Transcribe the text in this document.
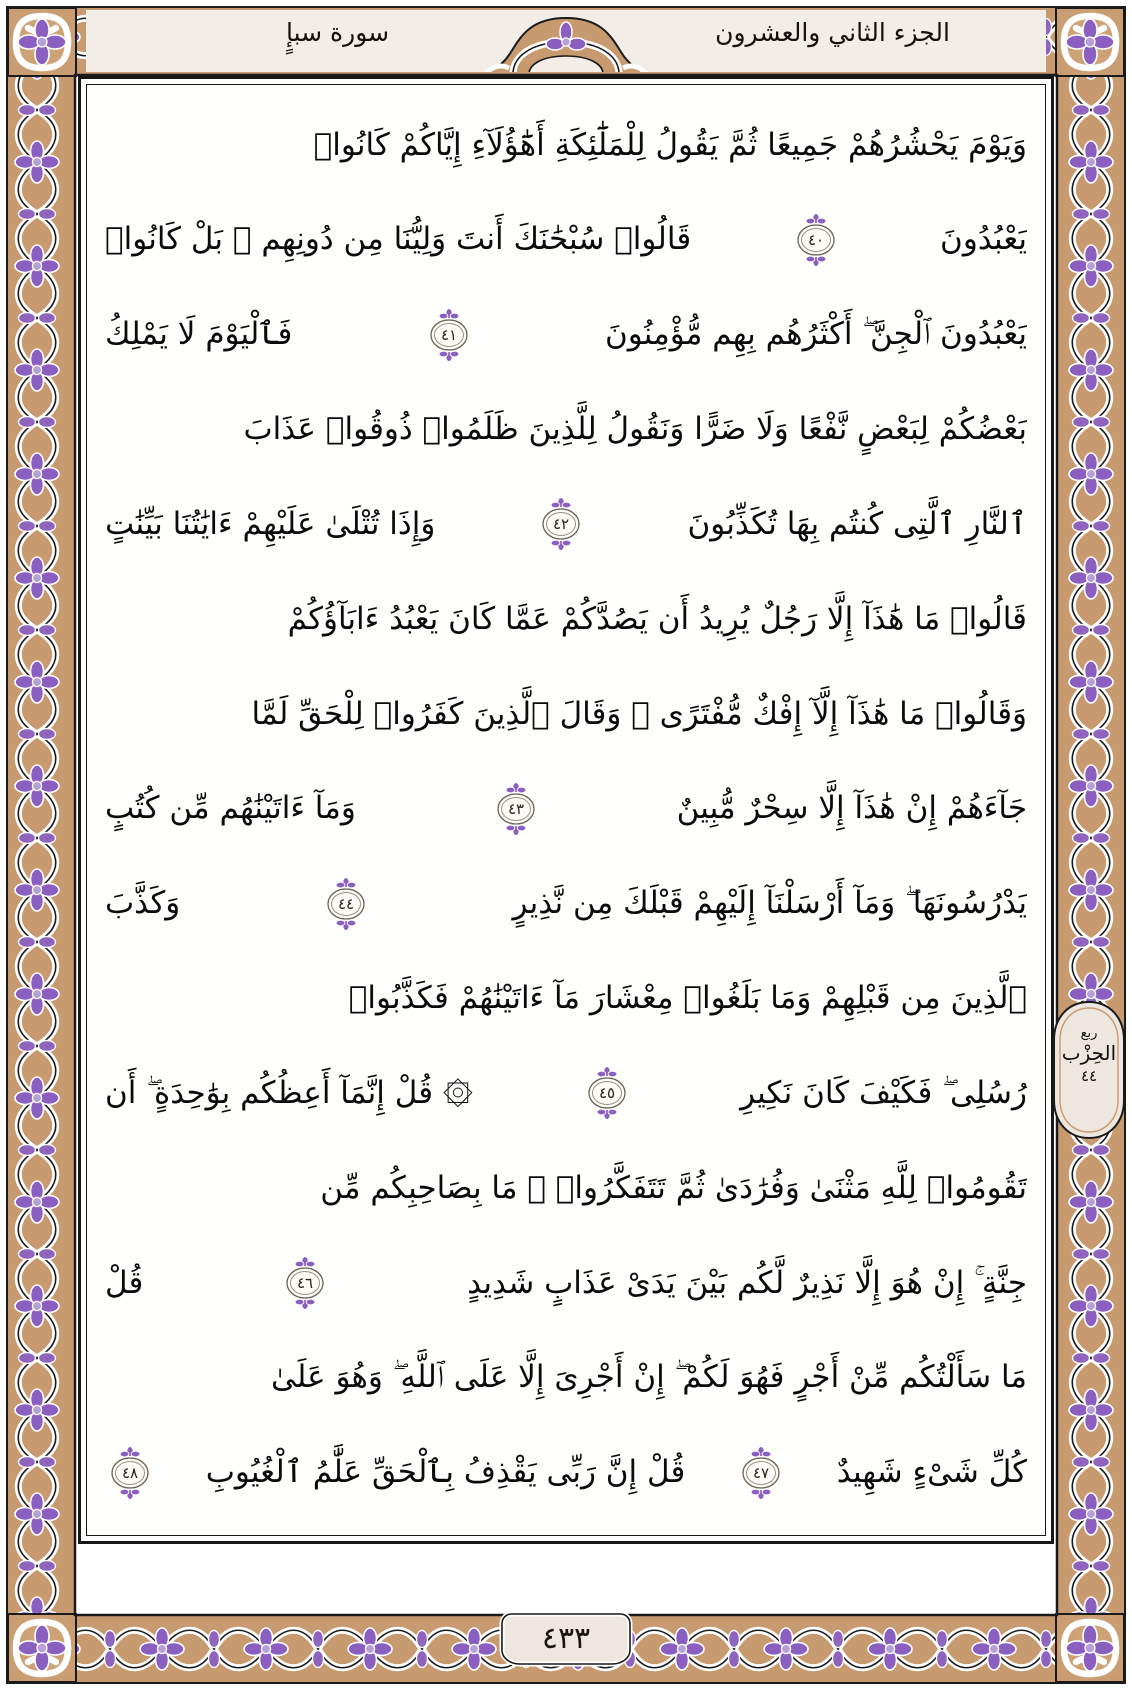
الجزء الثاني والعشرون
سورة سبإٍ
وَيَوْمَ يَحْشُرُهُمْ جَمِيعًا ثُمَّ يَقُولُ لِلْمَلَٰٓئِكَةِ أَهَٰٓؤُلَآءِ إِيَّاكُمْ كَانُوا۟
يَعْبُدُونَ
٤٠
قَالُوا۟ سُبْحَٰنَكَ أَنتَ وَلِيُّنَا مِن دُونِهِم ۖ بَلْ كَانُوا۟
يَعْبُدُونَ ٱلْجِنَّ ۖ أَكْثَرُهُم بِهِم مُّؤْمِنُونَ
٤١
فَٱلْيَوْمَ لَا يَمْلِكُ
بَعْضُكُمْ لِبَعْضٍ نَّفْعًا وَلَا ضَرًّا وَنَقُولُ لِلَّذِينَ ظَلَمُوا۟ ذُوقُوا۟ عَذَابَ
ٱلنَّارِ ٱلَّتِى كُنتُم بِهَا تُكَذِّبُونَ
٤٢
وَإِذَا تُتْلَىٰ عَلَيْهِمْ ءَايَٰتُنَا بَيِّنَٰتٍ
قَالُوا۟ مَا هَٰذَآ إِلَّا رَجُلٌ يُرِيدُ أَن يَصُدَّكُمْ عَمَّا كَانَ يَعْبُدُ ءَابَآؤُكُمْ
وَقَالُوا۟ مَا هَٰذَآ إِلَّآ إِفْكٌ مُّفْتَرًى ۚ وَقَالَ ٱلَّذِينَ كَفَرُوا۟ لِلْحَقِّ لَمَّا
جَآءَهُمْ إِنْ هَٰذَآ إِلَّا سِحْرٌ مُّبِينٌ
٤٣
وَمَآ ءَاتَيْنَٰهُم مِّن كُتُبٍ
يَدْرُسُونَهَا ۖ وَمَآ أَرْسَلْنَآ إِلَيْهِمْ قَبْلَكَ مِن نَّذِيرٍ
٤٤
وَكَذَّبَ
ٱلَّذِينَ مِن قَبْلِهِمْ وَمَا بَلَغُوا۟ مِعْشَارَ مَآ ءَاتَيْنَٰهُمْ فَكَذَّبُوا۟
رُسُلِى ۖ فَكَيْفَ كَانَ نَكِيرِ
٤٥
۞ قُلْ إِنَّمَآ أَعِظُكُم بِوَٰحِدَةٍ ۖ أَن
تَقُومُوا۟ لِلَّهِ مَثْنَىٰ وَفُرَٰدَىٰ ثُمَّ تَتَفَكَّرُوا۟ ۚ مَا بِصَاحِبِكُم مِّن
جِنَّةٍ ۚ إِنْ هُوَ إِلَّا نَذِيرٌ لَّكُم بَيْنَ يَدَىْ عَذَابٍ شَدِيدٍ
٤٦
قُلْ
مَا سَأَلْتُكُم مِّنْ أَجْرٍ فَهُوَ لَكُمْ ۖ إِنْ أَجْرِىَ إِلَّا عَلَى ٱللَّهِ ۖ وَهُوَ عَلَىٰ
كُلِّ شَىْءٍ شَهِيدٌ
٤٧
قُلْ إِنَّ رَبِّى يَقْذِفُ بِٱلْحَقِّ عَلَّٰمُ ٱلْغُيُوبِ
٤٨
ربع
الحِزْب
٤٤
٤٣٣
